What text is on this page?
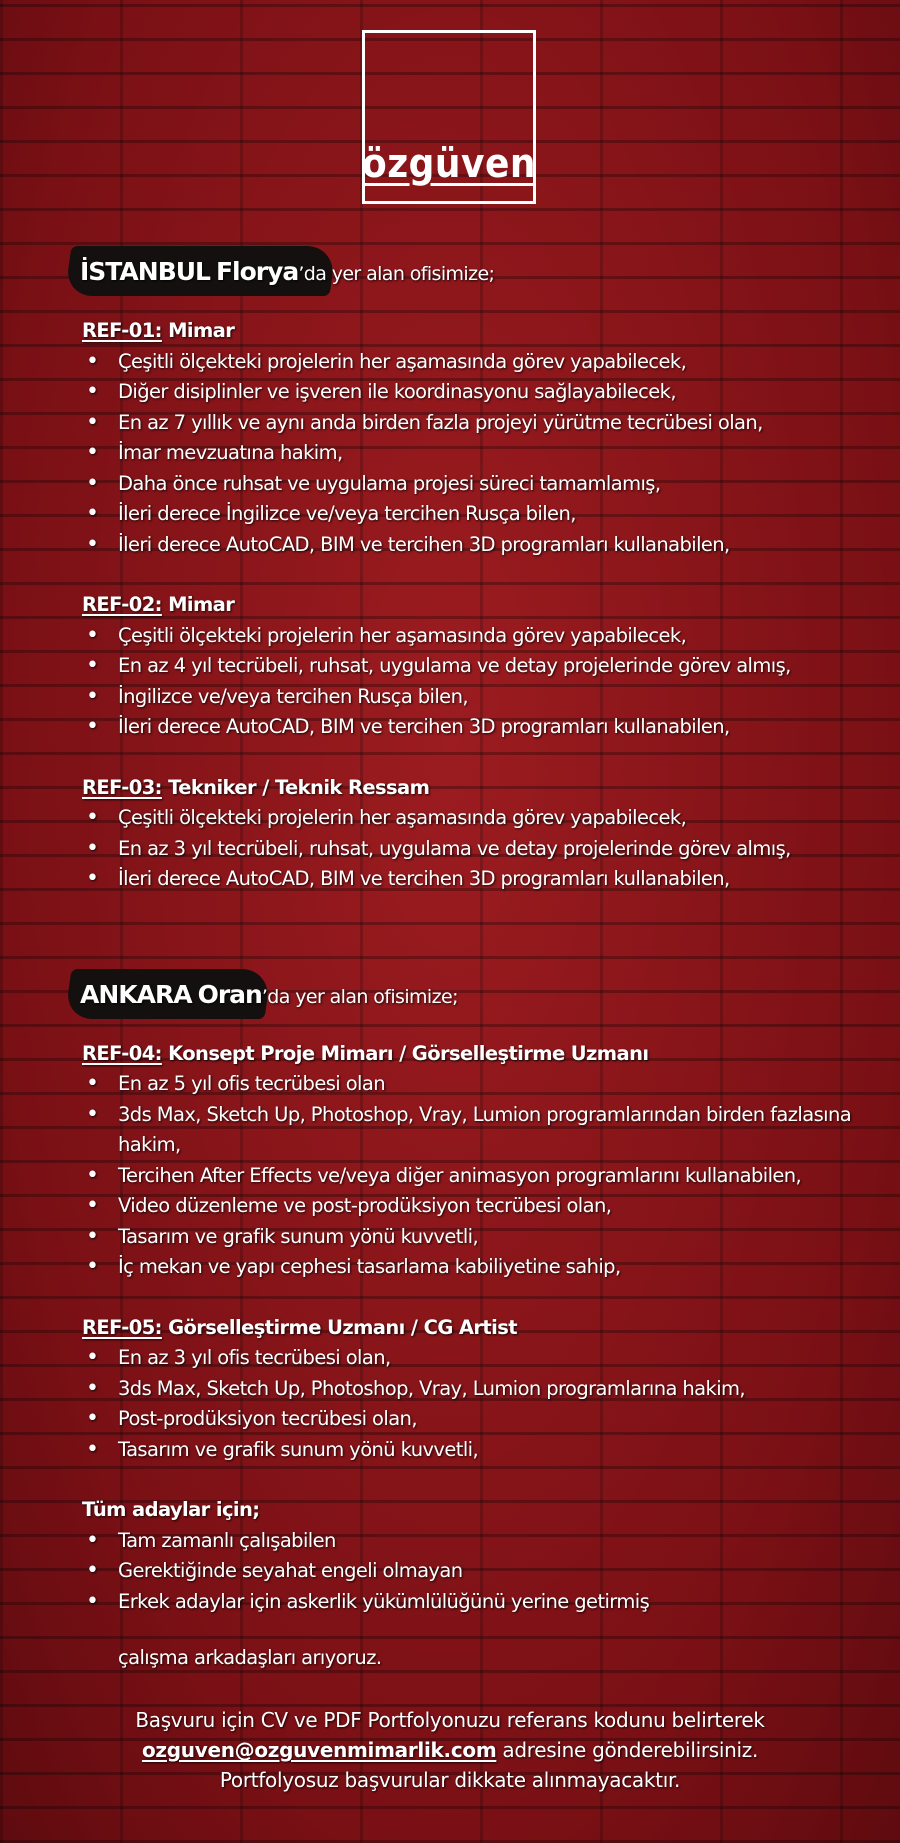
özgüven
İSTANBUL Florya’da yer alan ofisimize;
REF-01: Mimar
• Çeşitli ölçekteki projelerin her aşamasında görev yapabilecek,
• Diğer disiplinler ve işveren ile koordinasyonu sağlayabilecek,
• En az 7 yıllık ve aynı anda birden fazla projeyi yürütme tecrübesi olan,
• İmar mevzuatına hakim,
• Daha önce ruhsat ve uygulama projesi süreci tamamlamış,
• İleri derece İngilizce ve/veya tercihen Rusça bilen,
• İleri derece AutoCAD, BIM ve tercihen 3D programları kullanabilen,
REF-02: Mimar
• Çeşitli ölçekteki projelerin her aşamasında görev yapabilecek,
• En az 4 yıl tecrübeli, ruhsat, uygulama ve detay projelerinde görev almış,
• İngilizce ve/veya tercihen Rusça bilen,
• İleri derece AutoCAD, BIM ve tercihen 3D programları kullanabilen,
REF-03: Tekniker / Teknik Ressam
• Çeşitli ölçekteki projelerin her aşamasında görev yapabilecek,
• En az 3 yıl tecrübeli, ruhsat, uygulama ve detay projelerinde görev almış,
• İleri derece AutoCAD, BIM ve tercihen 3D programları kullanabilen,
ANKARA Oran’da yer alan ofisimize;
REF-04: Konsept Proje Mimarı / Görselleştirme Uzmanı
• En az 5 yıl ofis tecrübesi olan
• 3ds Max, Sketch Up, Photoshop, Vray, Lumion programlarından birden fazlasına hakim,
• Tercihen After Effects ve/veya diğer animasyon programlarını kullanabilen,
• Video düzenleme ve post-prodüksiyon tecrübesi olan,
• Tasarım ve grafik sunum yönü kuvvetli,
• İç mekan ve yapı cephesi tasarlama kabiliyetine sahip,
REF-05: Görselleştirme Uzmanı / CG Artist
• En az 3 yıl ofis tecrübesi olan,
• 3ds Max, Sketch Up, Photoshop, Vray, Lumion programlarına hakim,
• Post-prodüksiyon tecrübesi olan,
• Tasarım ve grafik sunum yönü kuvvetli,
Tüm adaylar için;
• Tam zamanlı çalışabilen
• Gerektiğinde seyahat engeli olmayan
• Erkek adaylar için askerlik yükümlülüğünü yerine getirmiş
çalışma arkadaşları arıyoruz.
Başvuru için CV ve PDF Portfolyonuzu referans kodunu belirterek
ozguven@ozguvenmimarlik.com adresine gönderebilirsiniz.
Portfolyosuz başvurular dikkate alınmayacaktır.
